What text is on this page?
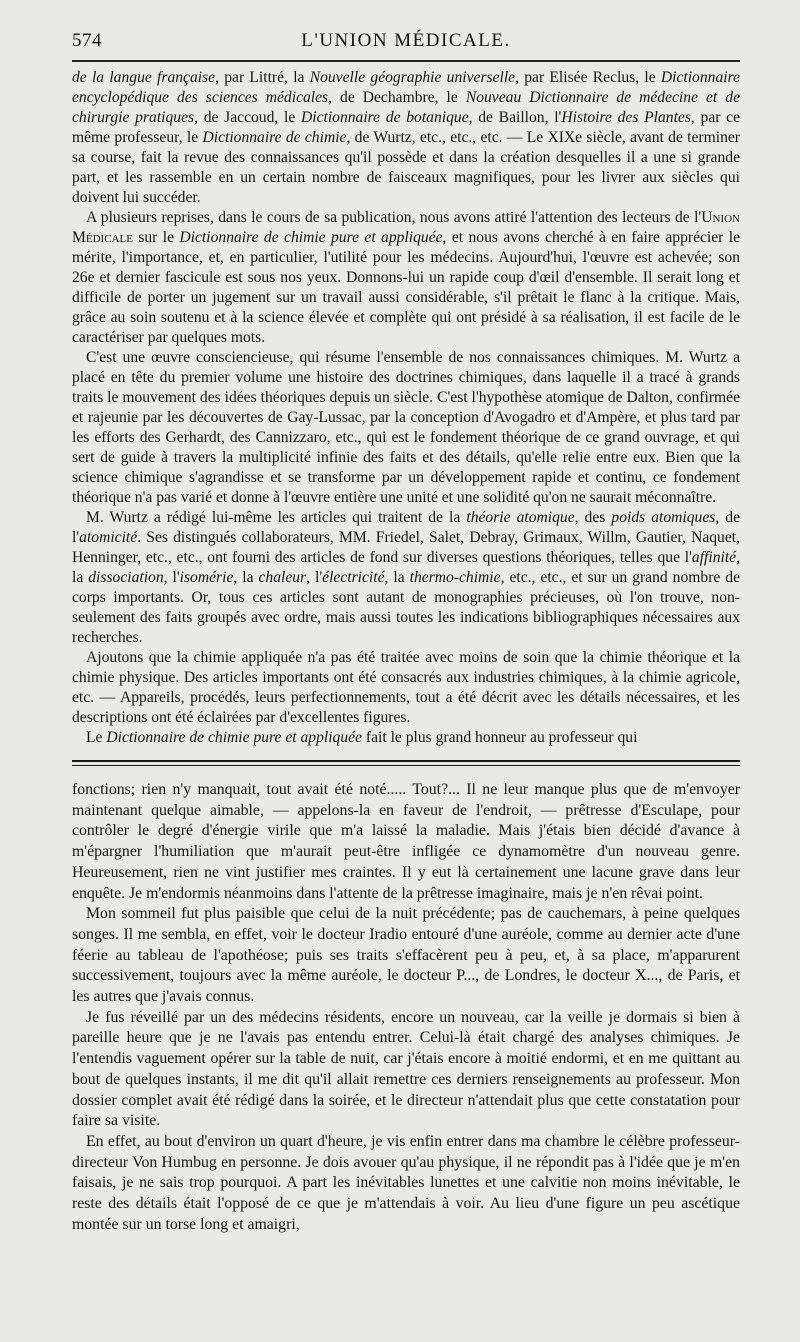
574	L'UNION MÉDICALE.

de la langue française, par Littré, la Nouvelle géographie universelle, par Elisée Reclus, le Dictionnaire encyclopédique des sciences médicales, de Dechambre, le Nouveau Dictionnaire de médecine et de chirurgie pratiques, de Jaccoud, le Dictionnaire de botanique, de Baillon, l'Histoire des Plantes, par ce même professeur, le Dictionnaire de chimie, de Wurtz, etc., etc., etc. — Le XIXe siècle, avant de terminer sa course, fait la revue des connaissances qu'il possède et dans la création desquelles il a une si grande part, et les rassemble en un certain nombre de faisceaux magnifiques, pour les livrer aux siècles qui doivent lui succéder.

A plusieurs reprises, dans le cours de sa publication, nous avons attiré l'attention des lecteurs de l'Union Médicale sur le Dictionnaire de chimie pure et appliquée, et nous avons cherché à en faire apprécier le mérite, l'importance, et, en particulier, l'utilité pour les médecins. Aujourd'hui, l'œuvre est achevée; son 26e et dernier fascicule est sous nos yeux. Donnons-lui un rapide coup d'œil d'ensemble. Il serait long et difficile de porter un jugement sur un travail aussi considérable, s'il prêtait le flanc à la critique. Mais, grâce au soin soutenu et à la science élevée et complète qui ont présidé à sa réalisation, il est facile de le caractériser par quelques mots.

C'est une œuvre consciencieuse, qui résume l'ensemble de nos connaissances chimiques. M. Wurtz a placé en tête du premier volume une histoire des doctrines chimiques, dans laquelle il a tracé à grands traits le mouvement des idées théoriques depuis un siècle. C'est l'hypothèse atomique de Dalton, confirmée et rajeunie par les découvertes de Gay-Lussac, par la conception d'Avogadro et d'Ampère, et plus tard par les efforts des Gerhardt, des Cannizzaro, etc., qui est le fondement théorique de ce grand ouvrage, et qui sert de guide à travers la multiplicité infinie des faits et des détails, qu'elle relie entre eux. Bien que la science chimique s'agrandisse et se transforme par un développement rapide et continu, ce fondement théorique n'a pas varié et donne à l'œuvre entière une unité et une solidité qu'on ne saurait méconnaître.

M. Wurtz a rédigé lui-même les articles qui traitent de la théorie atomique, des poids atomiques, de l'atomicité. Ses distingués collaborateurs, MM. Friedel, Salet, Debray, Grimaux, Willm, Gautier, Naquet, Henninger, etc., etc., ont fourni des articles de fond sur diverses questions théoriques, telles que l'affinité, la dissociation, l'isomérie, la chaleur, l'électricité, la thermo-chimie, etc., etc., et sur un grand nombre de corps importants. Or, tous ces articles sont autant de monographies précieuses, où l'on trouve, non-seulement des faits groupés avec ordre, mais aussi toutes les indications bibliographiques nécessaires aux recherches.

Ajoutons que la chimie appliquée n'a pas été traitée avec moins de soin que la chimie théorique et la chimie physique. Des articles importants ont été consacrés aux industries chimiques, à la chimie agricole, etc. — Appareils, procédés, leurs perfectionnements, tout a été décrit avec les détails nécessaires, et les descriptions ont été éclairées par d'excellentes figures.

Le Dictionnaire de chimie pure et appliquée fait le plus grand honneur au professeur qui

fonctions; rien n'y manquait, tout avait été noté..... Tout?... Il ne leur manque plus que de m'envoyer maintenant quelque aimable, — appelons-la en faveur de l'endroit, — prêtresse d'Esculape, pour contrôler le degré d'énergie virile que m'a laissé la maladie. Mais j'étais bien décidé d'avance à m'épargner l'humiliation que m'aurait peut-être infligée ce dynamomètre d'un nouveau genre. Heureusement, rien ne vint justifier mes craintes. Il y eut là certainement une lacune grave dans leur enquête. Je m'endormis néanmoins dans l'attente de la prêtresse imaginaire, mais je n'en rêvai point.

Mon sommeil fut plus paisible que celui de la nuit précédente; pas de cauchemars, à peine quelques songes. Il me sembla, en effet, voir le docteur Iradio entouré d'une auréole, comme au dernier acte d'une féerie au tableau de l'apothéose; puis ses traits s'effacèrent peu à peu, et, à sa place, m'apparurent successivement, toujours avec la même auréole, le docteur P..., de Londres, le docteur X..., de Paris, et les autres que j'avais connus.

Je fus réveillé par un des médecins résidents, encore un nouveau, car la veille je dormais si bien à pareille heure que je ne l'avais pas entendu entrer. Celui-là était chargé des analyses chimiques. Je l'entendis vaguement opérer sur la table de nuit, car j'étais encore à moitié endormi, et en me quittant au bout de quelques instants, il me dit qu'il allait remettre ces derniers renseignements au professeur. Mon dossier complet avait été rédigé dans la soirée, et le directeur n'attendait plus que cette constatation pour faire sa visite.

En effet, au bout d'environ un quart d'heure, je vis enfin entrer dans ma chambre le célèbre professeur-directeur Von Humbug en personne. Je dois avouer qu'au physique, il ne répondit pas à l'idée que je m'en faisais, je ne sais trop pourquoi. A part les inévitables lunettes et une calvitie non moins inévitable, le reste des détails était l'opposé de ce que je m'attendais à voir. Au lieu d'une figure un peu ascétique montée sur un torse long et amaigri,
